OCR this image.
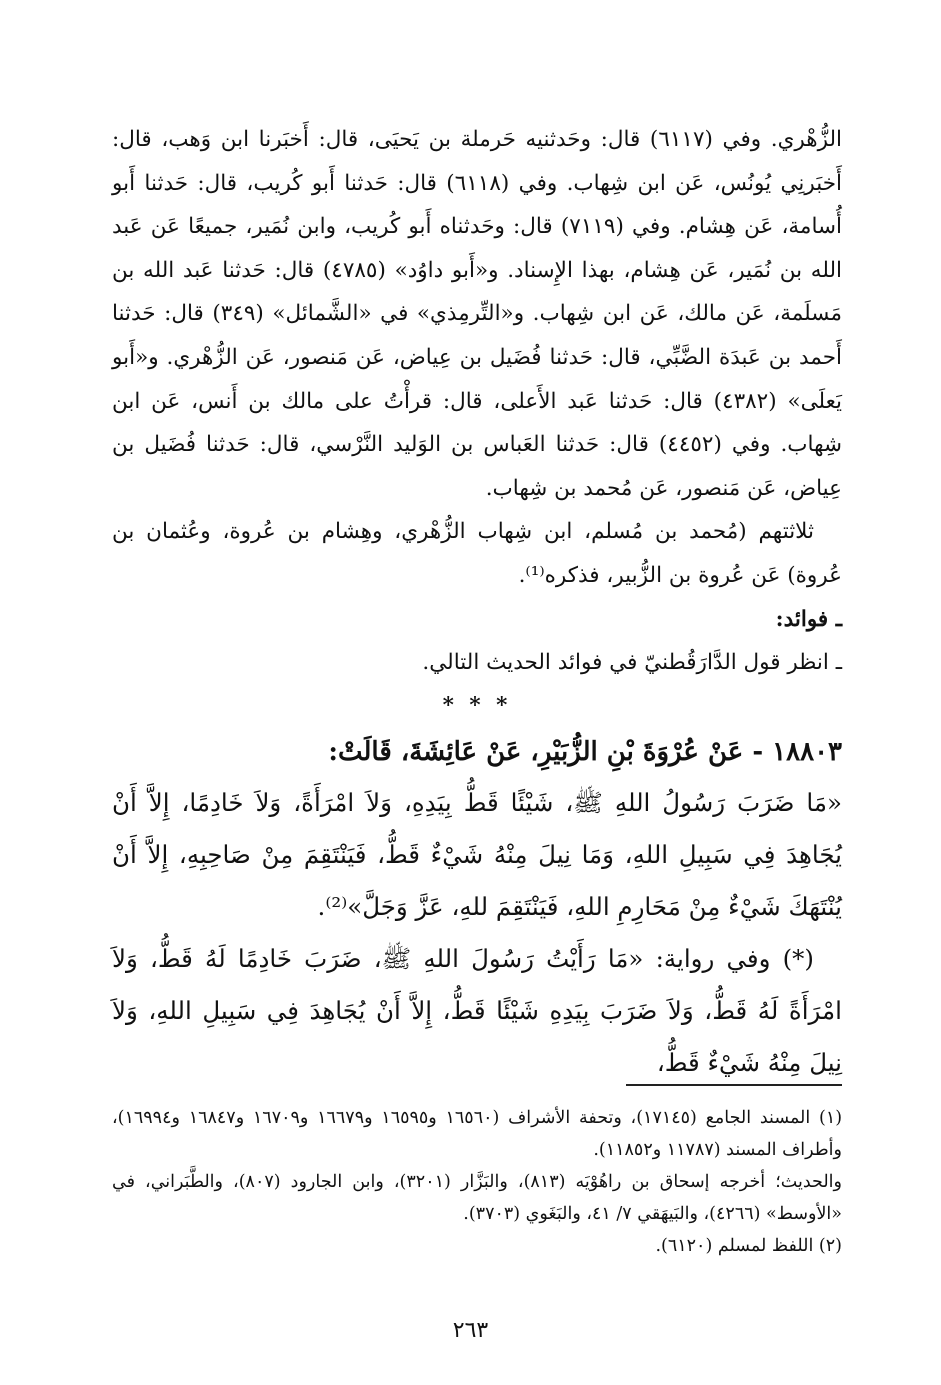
الزُّهْري. وفي (٦١١٧) قال: وحَدثنيه حَرملة بن يَحيَى، قال: أَخبَرنا ابن وَهب، قال: أَخبَرنِي يُونُس، عَن ابن شِهاب. وفي (٦١١٨) قال: حَدثنا أَبو كُريب، قال: حَدثنا أَبو أُسامة، عَن هِشام. وفي (٧١١٩) قال: وحَدثناه أَبو كُريب، وابن نُمَير، جميعًا عَن عَبد الله بن نُمَير، عَن هِشام، بهذا الإِسناد. و«أَبو داوُد» (٤٧٨٥) قال: حَدثنا عَبد الله بن مَسلَمة، عَن مالك، عَن ابن شِهاب. و«التِّرمِذي» في «الشَّمائل» (٣٤٩) قال: حَدثنا أَحمد بن عَبدَة الضَّبِّي، قال: حَدثنا فُضَيل بن عِياض، عَن مَنصور، عَن الزُّهْري. و«أَبو يَعلَى» (٤٣٨٢) قال: حَدثنا عَبد الأَعلى، قال: قرأْتُ على مالك بن أَنس، عَن ابن شِهاب. وفي (٤٤٥٢) قال: حَدثنا العَباس بن الوَليد النَّرْسي، قال: حَدثنا فُضَيل بن عِياض، عَن مَنصور، عَن مُحمد بن شِهاب.

ثلاثتهم (مُحمد بن مُسلم، ابن شِهاب الزُّهْري، وهِشام بن عُروة، وعُثمان بن عُروة) عَن عُروة بن الزُّبير، فذكره⁽¹⁾.

ـ فوائد:

ـ انظر قول الدَّارَقُطنيّ في فوائد الحديث التالي.

* * *

١٨٨٠٣ - عَنْ عُرْوَةَ بْنِ الزُّبَيْرِ، عَنْ عَائِشَةَ، قَالَتْ:

«مَا ضَرَبَ رَسُولُ اللهِ ﷺ، شَيْئًا قَطُّ بِيَدِهِ، وَلاَ امْرَأَةً، وَلاَ خَادِمًا، إِلاَّ أَنْ يُجَاهِدَ فِي سَبِيلِ اللهِ، وَمَا نِيلَ مِنْهُ شَيْءٌ قَطُّ، فَيَنْتَقِمَ مِنْ صَاحِبِهِ، إِلاَّ أَنْ يُنْتَهَكَ شَيْءٌ مِنْ مَحَارِمِ اللهِ، فَيَنْتَقِمَ للهِ، عَزَّ وَجَلَّ»⁽²⁾.

(*) وفي رواية: «مَا رَأَيْتُ رَسُولَ اللهِ ﷺ، ضَرَبَ خَادِمًا لَهُ قَطُّ، وَلاَ امْرَأَةً لَهُ قَطُّ، وَلاَ ضَرَبَ بِيَدِهِ شَيْئًا قَطُّ، إِلاَّ أَنْ يُجَاهِدَ فِي سَبِيلِ اللهِ، وَلاَ نِيلَ مِنْهُ شَيْءٌ قَطُّ،

(١) المسند الجامع (١٧١٤٥)، وتحفة الأشراف (١٦٥٦٠ و١٦٥٩٥ و١٦٦٧٩ و١٦٧٠٩ و١٦٨٤٧ و١٦٩٩٤)، وأطراف المسند (١١٧٨٧ و١١٨٥٢).

والحديث؛ أخرجه إسحاق بن راهُوْيَه (٨١٣)، والبَزَّار (٣٢٠١)، وابن الجارود (٨٠٧)، والطَّبَراني، في «الأوسط» (٤٢٦٦)، والبَيهَقي ٧/ ٤١، والبَغَوي (٣٧٠٣).

(٢) اللفظ لمسلم (٦١٢٠).

٢٦٣
